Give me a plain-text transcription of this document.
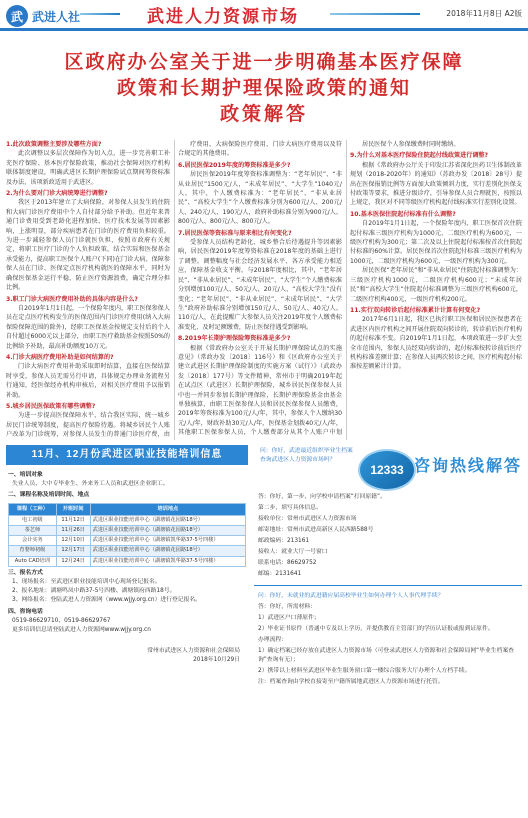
武 武进人社	武进人力资源市场	2018年11月8日 A2版
区政府办公室关于进一步明确基本医疗保障
政策和长期护理保险政策的通知
政策解答

1.此次政策调整主要涉及哪些方面?

此次调整以多层次保障作为切入点，进一步完善职工补充医疗保险、基本医疗保险政策，推动社会保障对医疗机构联体制度建设，明确武进区长期护理保险试点期间筹资标准及办法，该项新政适用于武进区。

2.为什么要对门诊大病统筹进行调整?

我区于2013年建立了大病保险，对参保人员发生的住院和大病门诊医疗费用中个人自付部分给予补助。但近年来普通门诊费用受到老龄化进程加快、医疗技术发展等因素影响，上涨明显，部分疾病患者在门诊的医疗费用负担较重。为进一步减轻参保人员门诊就医负担，按照市政府有关规定，将职工医疗门诊的个人负担政策，结合实际和医保基金承受能力，提高职工医保个人账户(下同)在门诊大病、保障参保人员在门诊、医保定点医疗机构就医的保障水平，同时为确保医保基金运行平稳，防止医疗资源浪费，确定合理分担比例。

3.职工门诊大病医疗费用补助的具体内容是什么?

自2019年1月1日起，一个保险年度内，职工医保参保人员在定点医疗机构发生的医保范围内门诊医疗费用(纳入大病保险保障范围的除外)，经职工医保基金按规定支付后的个人自付超过6000元以上部分，由职工医疗救助基金按照50%的比例给予补助，最高补助额度10万元。

4.门诊大病医疗费用补助是如何结算的?

门诊大病医疗费用补助采取即时结算，直接在医保结算时享受，参保人员无需另行申请，具体规定办理业务流程另行通知，经医保经办机构审核后，对相关医疗费用予以报销补助。

5.城乡居民医保政策有哪些调整?

为进一步提高医保保障水平，结合我区实际，统一城乡居民门诊统筹制度，提高医疗保险待遇。将城乡居民个人账户改革为门诊统筹，对参保人员发生的普通门诊医疗费，由

疗费用、大病保险医疗费用、门诊大病医疗费用以及符合规定的其他费用。

6.居民医保2019年度的筹资标准是多少?

居民医保2019年度筹资标准调整为：“老年居民”、“非从业居民”1500元/人，“未成年居民”、“大学生”1040元/人，其中，个人缴费标准为：“老年居民”、“非从业居民”、“高校大学生”个人缴费标准分别为600元/人、200元/人、240元/人、190元/人，政府补助标准分别为900元/人、800元/人、800元/人、800元/人。

7.居民医保等资标准与原来相比有何变化?

受参保人员结构老龄化、城乡整合后待遇提升等因素影响，居民医保2019年度筹资标准在2018年度的基础上进行了调整。调整幅度与社会经济发展水平、各方承受能力相适应，保障基金收支平衡。与2018年度相比，其中，“老年居民”、“非从业居民”、“未成年居民”、“大学生”个人缴费标准分别增加100元/人、50元/人、20元/人、“高校大学生”没有变化；“老年居民”、“非从业居民”、“未成年居民”、“大学生”政府补助标准分别增加150元/人、50元/人、40元/人、110元/人，在此提醒广大参保人员关注2019年度个人缴费标准变化，及时足额缴费，防止医保待遇受到影响。

8.2019年长期护理保险筹资标准是多少?

根据《常政府办公室关于开展长期护理保险试点的实施意见》（常政办发〔2018〕116号）和《区政府办公室关于建立武进区长期护理保险制度的实施方案（试行）》（武政办发〔2018〕177号）等文件精神，常州市于明确2019年起在试点区（武进区）长期护理保险，城乡居民医保参保人员中也一并同步参加长期护理保险，长期护理保险基金由基金单独核算，由职工医保参保人员和居民医保参保人员缴费，2019年筹资标准为100元/人/年，其中，参保人个人缴纳30元/人/年，财政补助30元/人/年，医保基金划拨40元/人/年，其他职工医保参保人员，个人缴费部分从其个人账户中划

居民医保个人参保缴费时同时缴纳。

9.为什么对基本医疗保险住院起付线政策进行调整?

根据《常政府办公厅关于印发江苏省深化医药卫生体制改革规划（2018-2020年）的通知》（苏政办发〔2018〕28号）提出在医保报销比例等方面加大政策倾斜力度，实行差别化医保支付政策等要求，推进分级诊疗，引导参保人员合理就医，按照以上规定，我区对不同等级医疗机构起付线标准实行差别化设置。

10.基本医保住院起付标准有什么调整?

自2019年1月1日起，一个保险年度内，职工医保首次住院起付标准三级医疗机构为1000元，二级医疗机构为600元，一级医疗机构为300元；第二次及以上住院起付标准按首次住院起付标准的60%计算。居民医保首次住院起付标准三级医疗机构为1000元，二级医疗机构为600元，一级医疗机构为300元。

居民医保“老年居民”和“非从业居民”住院起付标准调整为：三级医疗机构1000元，二级医疗机构600元；“未成年居民”和“高校大学生”住院起付标准调整为三级医疗机构600元，二级医疗机构400元，一级医疗机构200元。

11.实行双向转诊后起付标准累计计算有何变化?

2017年6月1日起，我区已执行职工医保和居民医保患者在武进区内医疗机构之间开展住院双向转诊的，转诊前后医疗机构的起付标准不变。自2019年1月1日起，本项政策进一步扩大至全市范围内，参保人员经双向转诊的，起付标准按转诊前后医疗机构标准差额计算；在参保人员两次转诊之间，医疗机构起付标准按差额累计计算。

11月、12月份武进区职业技能培训信息
一、培训对象
失业人员、大中专毕业生、外来务工人员和武进区企业职工。
二、课程名称及培训时间、地点
课程（工种）	开班时间	培训地点
电工初级	11月12日	武进区职业技能培训中心（湖塘镇花园路18号）
茶艺师	11月26日	武进区职业技能培训中心（湖塘镇花园路18号）
会计实务	12月10日	武进区职业技能培训中心（湖塘镇凯华路37-5号四楼）
育婴师初级	12月17日	武进区职业技能培训中心（湖塘镇花园路18号）
Auto CAD培训	12月24日	武进区职业技能培训中心（湖塘镇凯华路37-5号四楼）
三、报名方式
1、现场报名：至武进区职业技能培训中心现场登记报名。
2、报名地址：湖塘鸣凤中路37-5号四楼、湖塘镇府西路18号。
3、网络报名：登陆武进人力资源网（www.wjjy.org.cn）进行登记报名。
四、咨询电话
0519-86629710、0519-86629767
更多培训信息请登陆武进人力资源网www.wjjy.org.cn
常州市武进区人力资源和社会保障局
2018年10月29日
问：你好，武进最近组织毕业生档案查询武进区人力资源市场吗？
12333 咨询热线解答
答：你好，第一步，向学校申请档案“打回原籍”。
第二步，填写具体信息。
接收单位：常州市武进区人力资源市场
邮寄地址：常州市武进高新区人民西路588号
邮政编码：213161
接收人：就业大厅一号窗口
联系电话：86629752
邮编：2131641
问：你好，未就业的武进籍应届高校毕业生如何办理个人人事代理手续？
答：你好，所需材料：
1）武进区户口薄原件；
2）毕业证书原件（普通中专及以上学历，并提供教育主管部门的学历认证报或报到证原件。
办理流程：
1）确定档案已经存放在武进区人力资源市场（可登录武进区人力资源和社会保障局网“毕业生档案查询”查询有无）；
2）携带以上材料至武进区毕业生服务窗口第一楼综合服务大厅办理个人方档手续。
注：档案查询由学校直接寄至户籍所属地武进区人力资源市场进行托管。
